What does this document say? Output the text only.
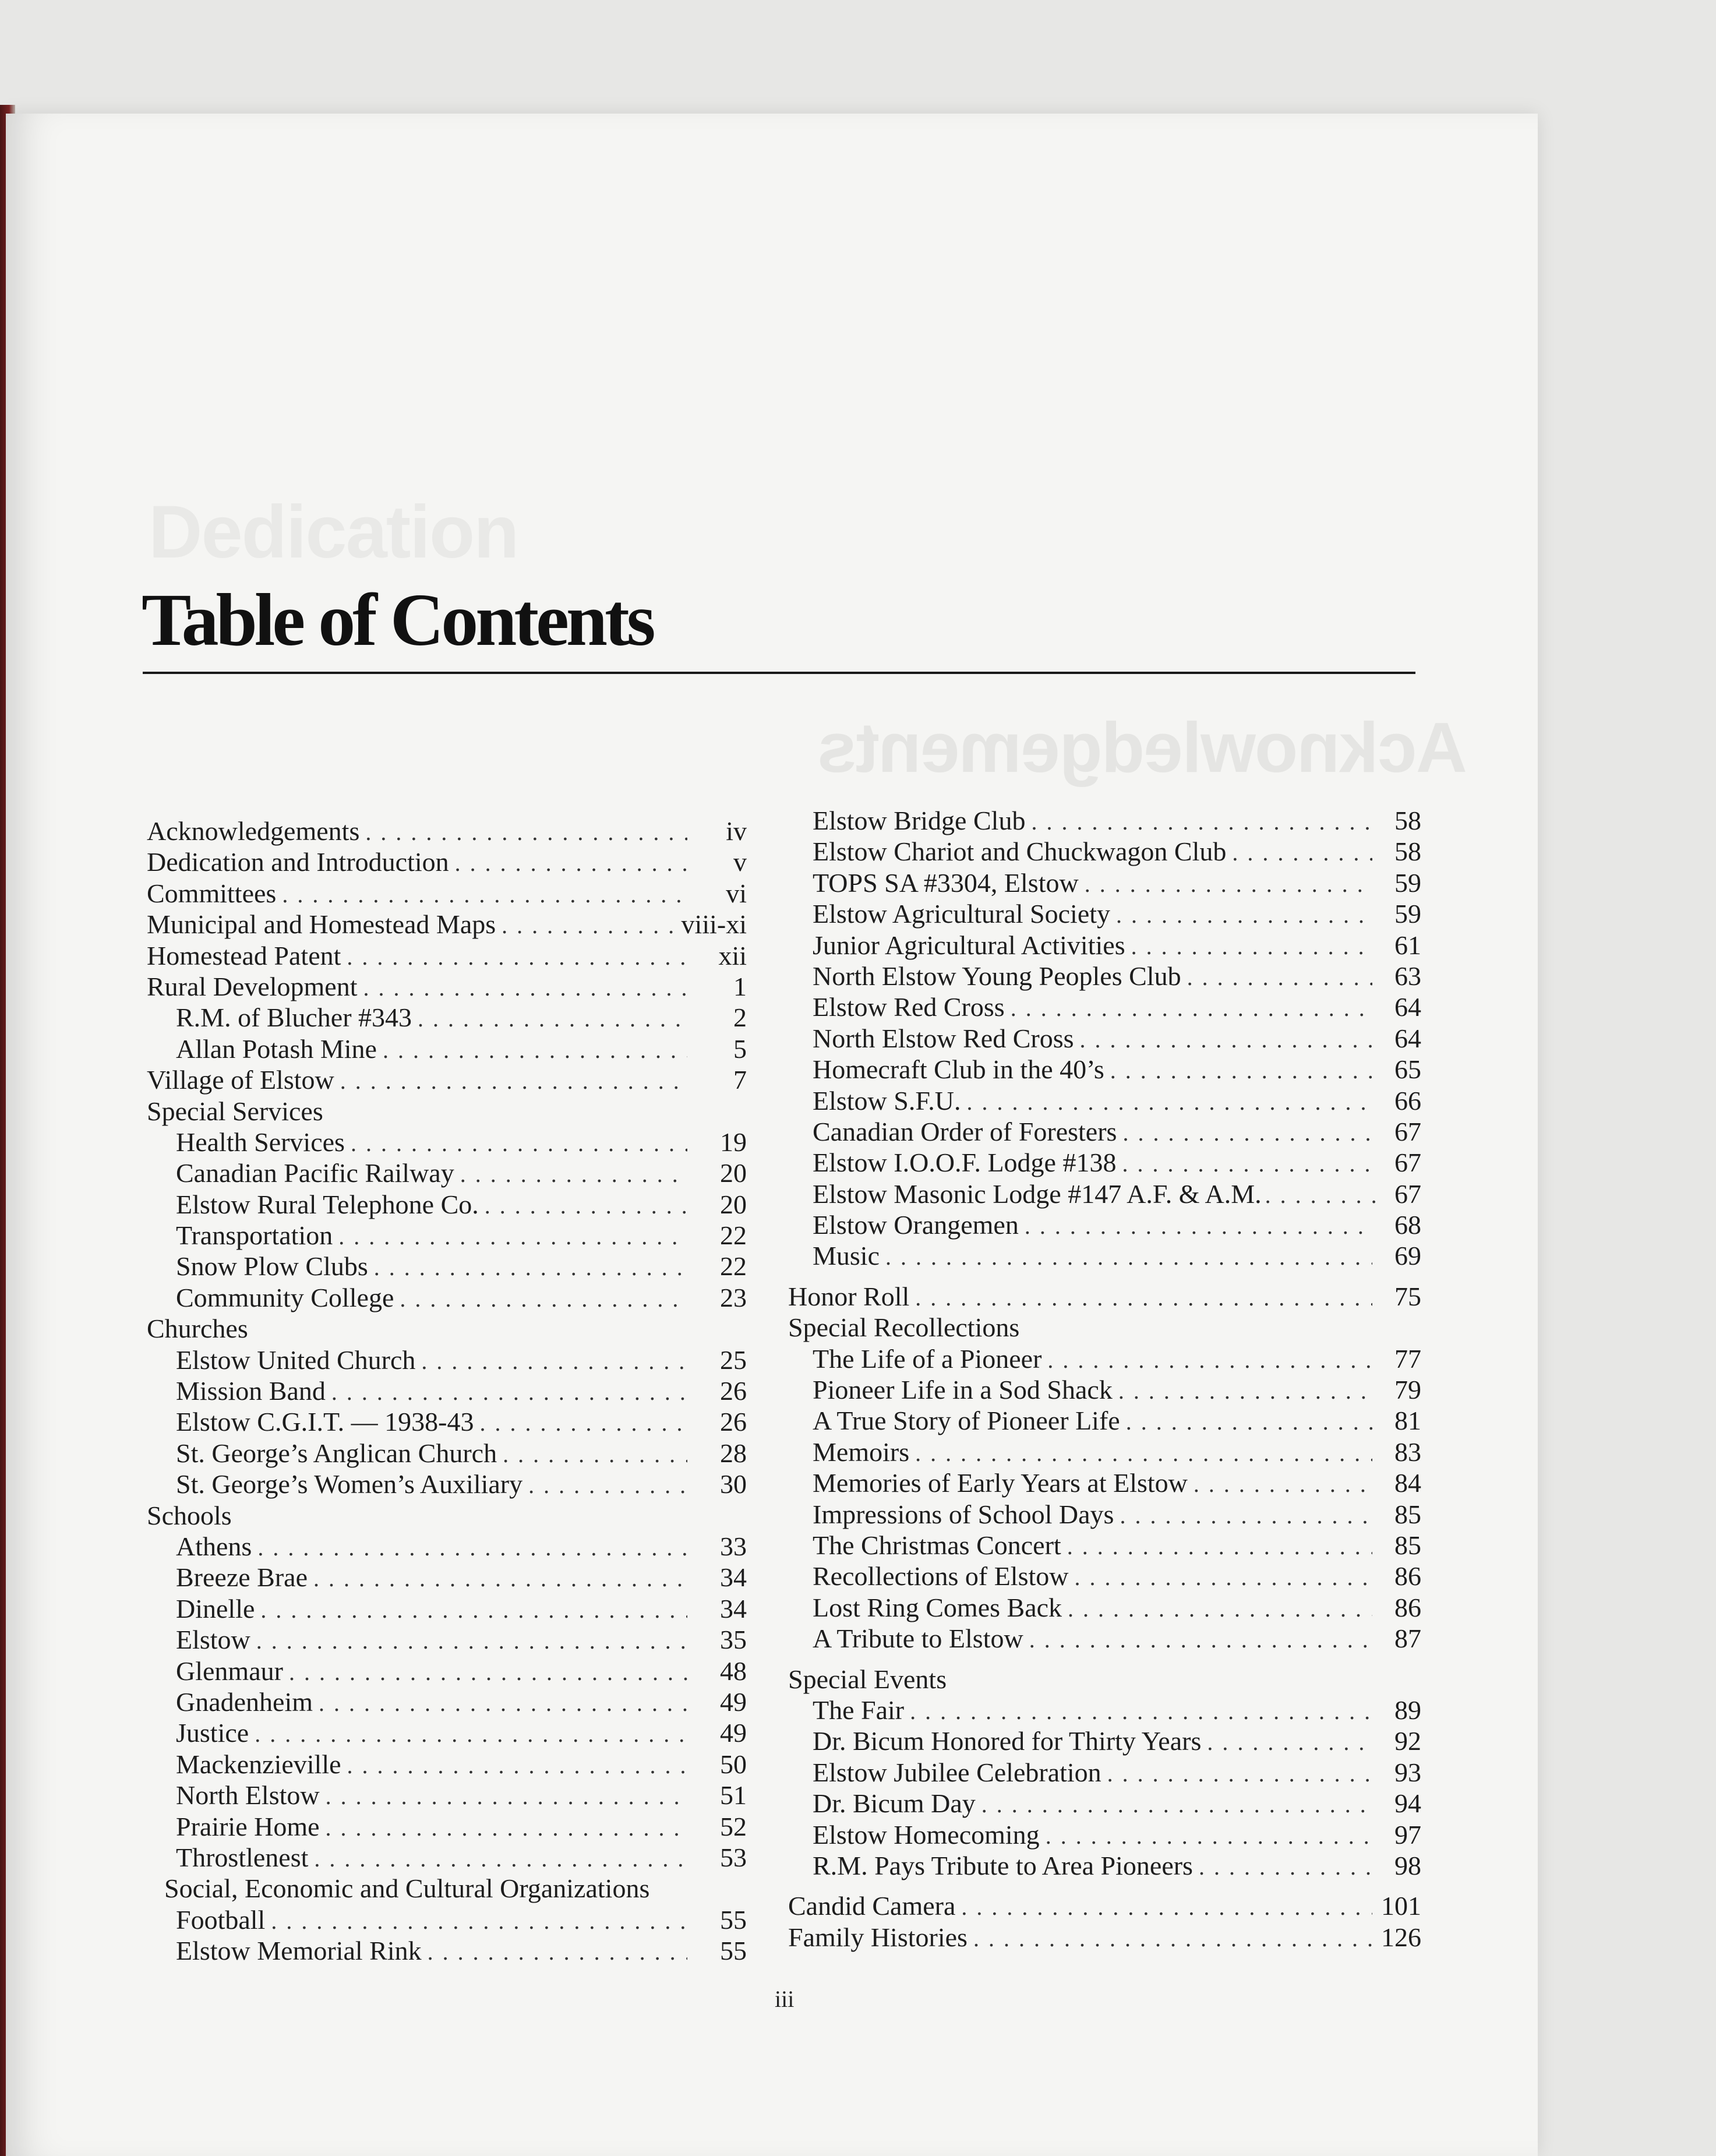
Dedication
Acknowledgements
Table of Contents
Acknowledgements . . .	iv
Dedication and Introduction . . .	v
Committees . . .	vi
Municipal and Homestead Maps . . .	viii-xi
Homestead Patent . . .	xii
Rural Development . . .	1
R.M. of Blucher #343 . . .	2
Allan Potash Mine . . .	5
Village of Elstow . . .	7
Special Services
Health Services . . .	19
Canadian Pacific Railway . . .	20
Elstow Rural Telephone Co. . . .	20
Transportation . . .	22
Snow Plow Clubs . . .	22
Community College . . .	23
Churches
Elstow United Church . . .	25
Mission Band . . .	26
Elstow C.G.I.T. — 1938-43 . . .	26
St. George’s Anglican Church . . .	28
St. George’s Women’s Auxiliary . . .	30
Schools
Athens . . .	33
Breeze Brae . . .	34
Dinelle . . .	34
Elstow . . .	35
Glenmaur . . .	48
Gnadenheim . . .	49
Justice . . .	49
Mackenzieville . . .	50
North Elstow . . .	51
Prairie Home . . .	52
Throstlenest . . .	53
Social, Economic and Cultural Organizations
Football . . .	55
Elstow Memorial Rink . . .	55
Elstow Bridge Club . . .	58
Elstow Chariot and Chuckwagon Club . . .	58
TOPS SA #3304, Elstow . . .	59
Elstow Agricultural Society . . .	59
Junior Agricultural Activities . . .	61
North Elstow Young Peoples Club . . .	63
Elstow Red Cross . . .	64
North Elstow Red Cross . . .	64
Homecraft Club in the 40’s . . .	65
Elstow S.F.U. . . .	66
Canadian Order of Foresters . . .	67
Elstow I.O.O.F. Lodge #138 . . .	67
Elstow Masonic Lodge #147 A.F. & A.M. . . .	67
Elstow Orangemen . . .	68
Music . . .	69
Honor Roll . . .	75
Special Recollections
The Life of a Pioneer . . .	77
Pioneer Life in a Sod Shack . . .	79
A True Story of Pioneer Life . . .	81
Memoirs . . .	83
Memories of Early Years at Elstow . . .	84
Impressions of School Days . . .	85
The Christmas Concert . . .	85
Recollections of Elstow . . .	86
Lost Ring Comes Back . . .	86
A Tribute to Elstow . . .	87
Special Events
The Fair . . .	89
Dr. Bicum Honored for Thirty Years . . .	92
Elstow Jubilee Celebration . . .	93
Dr. Bicum Day . . .	94
Elstow Homecoming . . .	97
R.M. Pays Tribute to Area Pioneers . . .	98
Candid Camera . . .	101
Family Histories . . .	126
iii
